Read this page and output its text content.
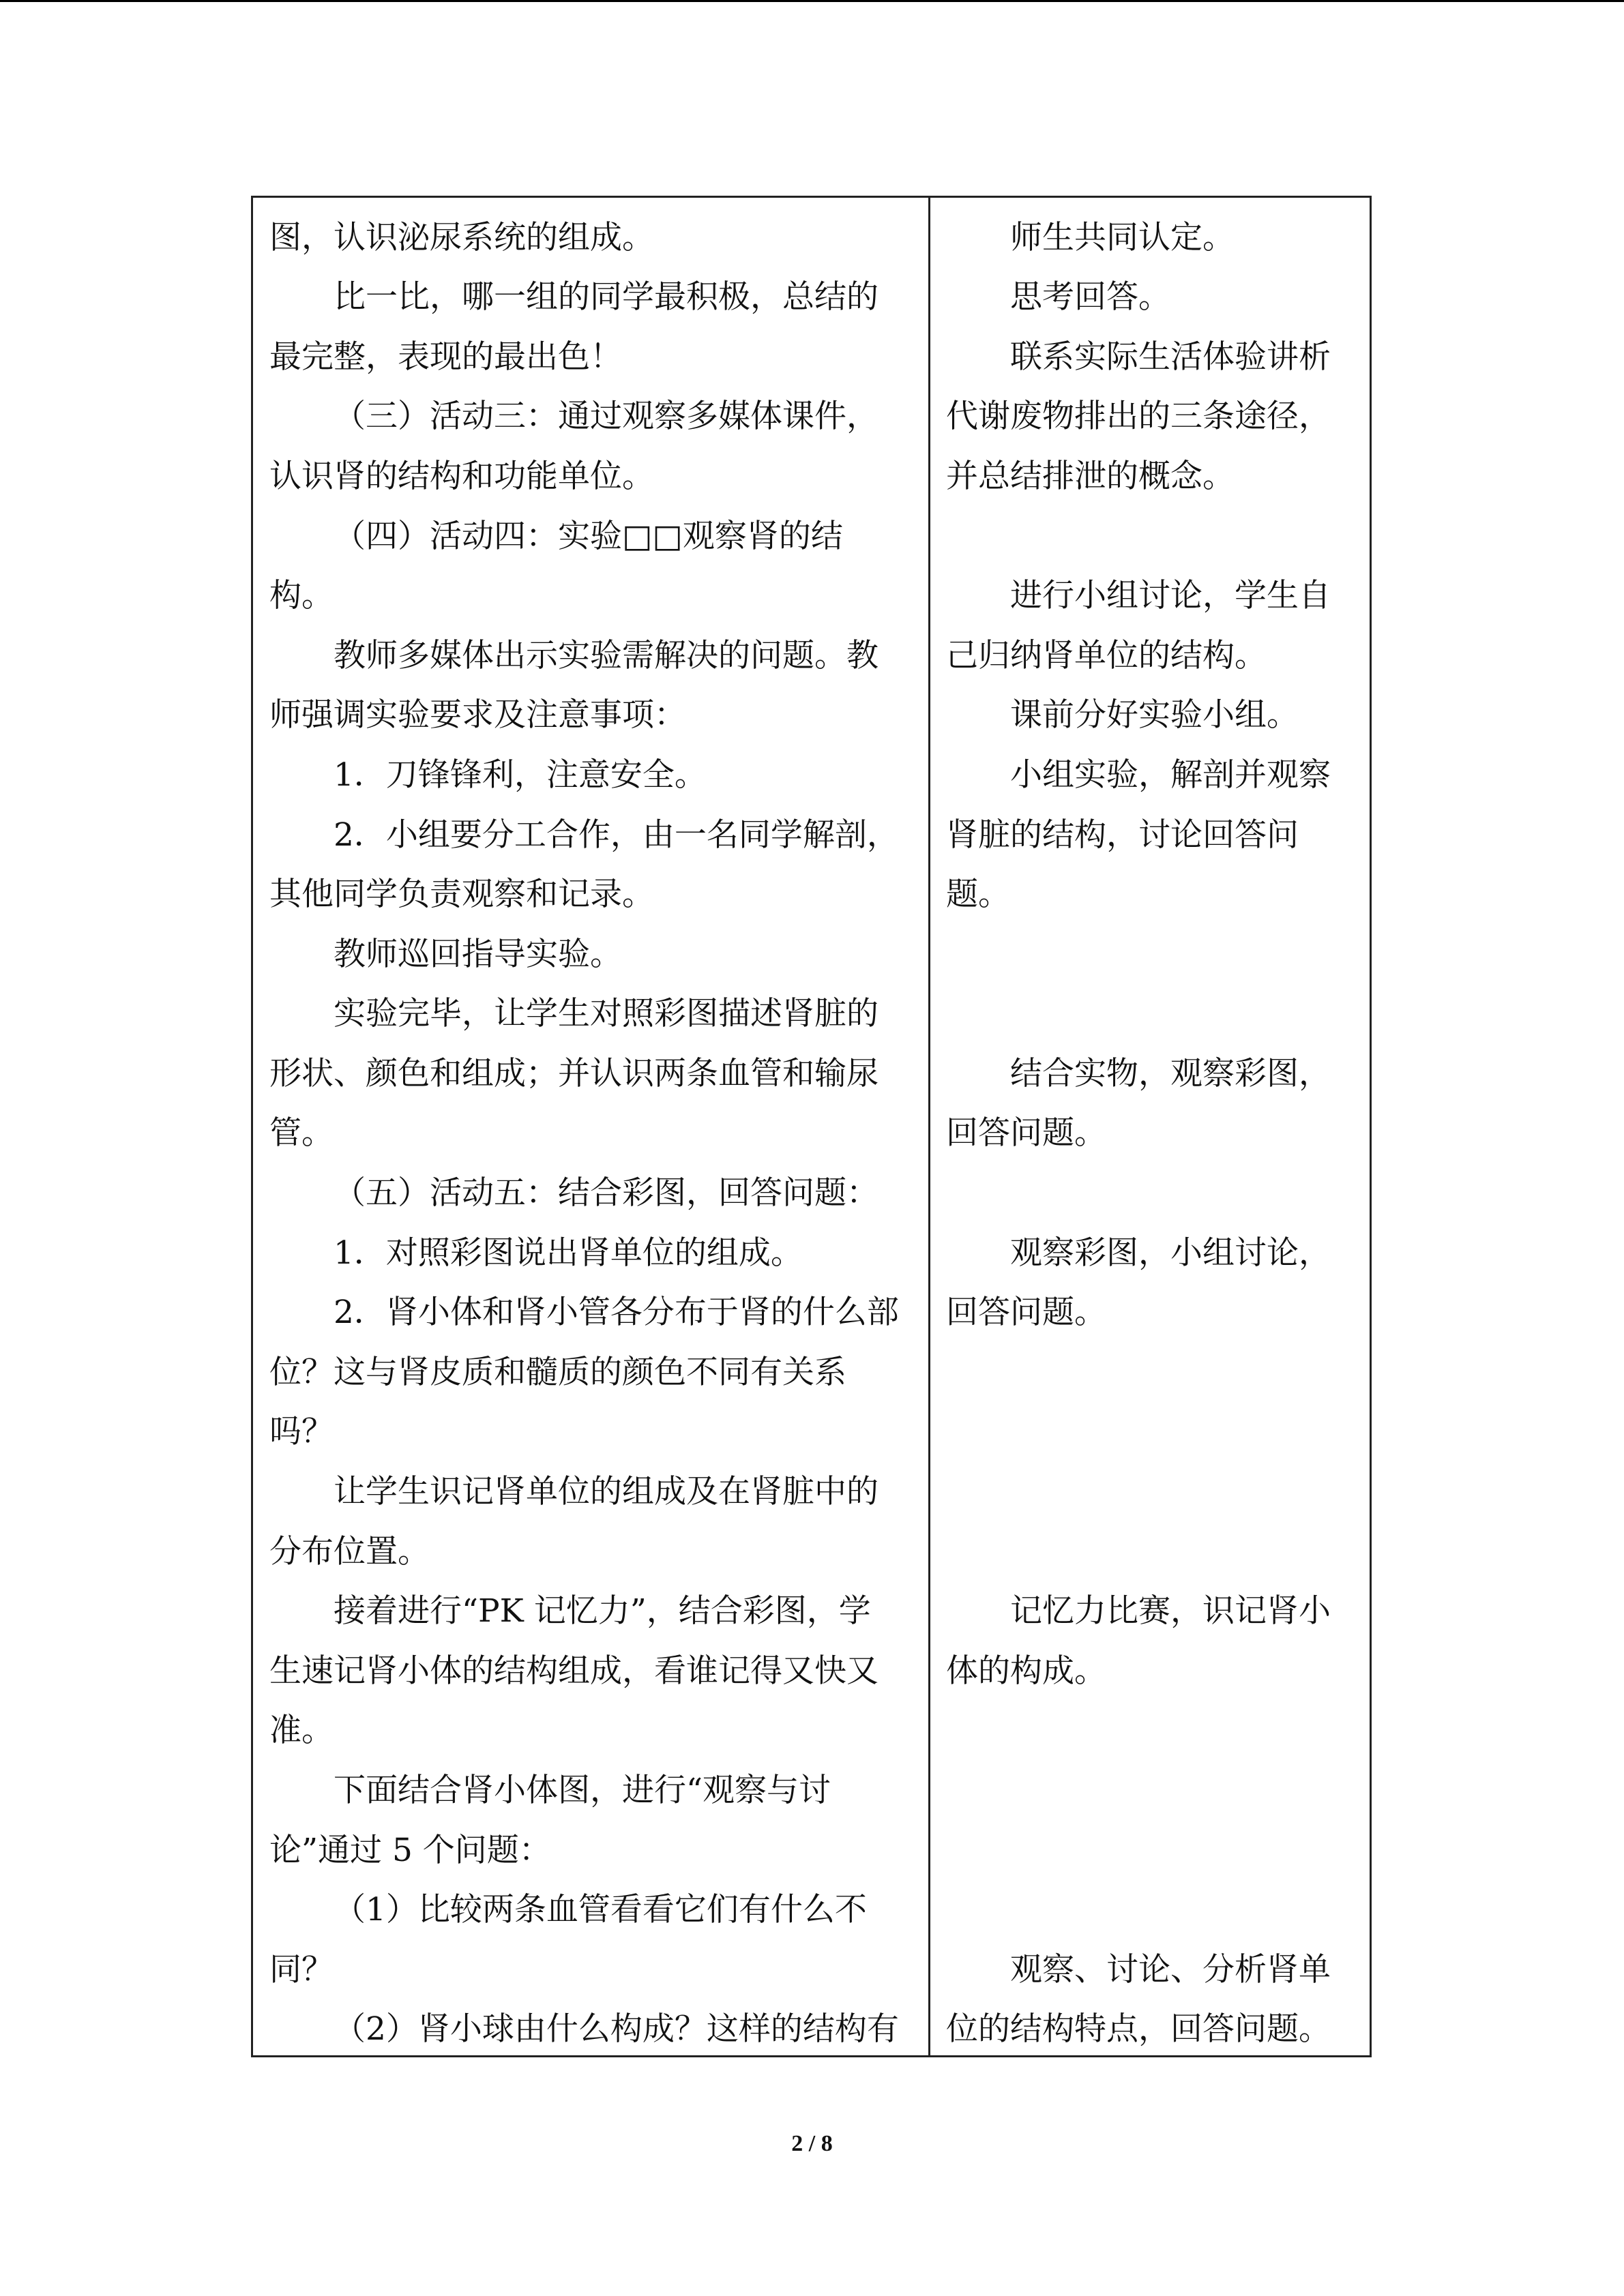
图，认识泌尿系统的组成。
比一比，哪一组的同学最积极，总结的
最完整，表现的最出色！
（三）活动三：通过观察多媒体课件，
认识肾的结构和功能单位。
（四）活动四：实验□□观察肾的结
构。
教师多媒体出示实验需解决的问题。教
师强调实验要求及注意事项：
1．刀锋锋利，注意安全。
2．小组要分工合作，由一名同学解剖，
其他同学负责观察和记录。
教师巡回指导实验。
实验完毕，让学生对照彩图描述肾脏的
形状、颜色和组成；并认识两条血管和输尿
管。
（五）活动五：结合彩图，回答问题：
1．对照彩图说出肾单位的组成。
2．肾小体和肾小管各分布于肾的什么部
位？这与肾皮质和髓质的颜色不同有关系
吗？
让学生识记肾单位的组成及在肾脏中的
分布位置。
接着进行“PK 记忆力”，结合彩图，学
生速记肾小体的结构组成，看谁记得又快又
准。
下面结合肾小体图，进行“观察与讨
论”通过 5 个问题：
（1）比较两条血管看看它们有什么不
同？
（2）肾小球由什么构成？这样的结构有
师生共同认定。
思考回答。
联系实际生活体验讲析
代谢废物排出的三条途径，
并总结排泄的概念。
进行小组讨论，学生自
己归纳肾单位的结构。
课前分好实验小组。
小组实验，解剖并观察
肾脏的结构，讨论回答问
题。
结合实物，观察彩图，
回答问题。
观察彩图，小组讨论，
回答问题。
记忆力比赛，识记肾小
体的构成。
观察、讨论、分析肾单
位的结构特点，回答问题。
2 / 8
